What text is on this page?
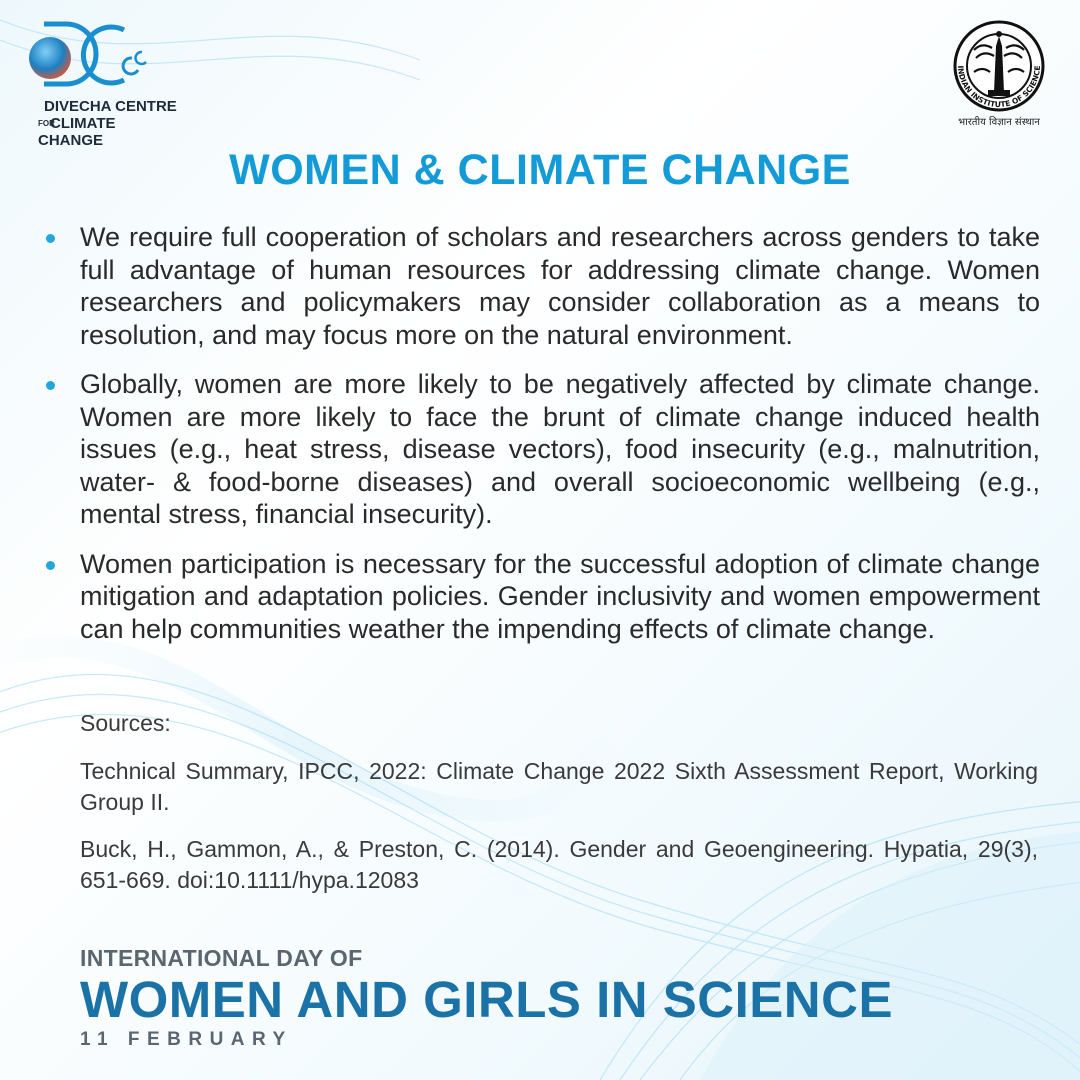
DIVECHA CENTRE
FORCLIMATE CHANGE
INDIAN INSTITUTE OF SCIENCE
भारतीय विज्ञान संस्थान
WOMEN & CLIMATE CHANGE
We require full cooperation of scholars and researchers across genders to take full advantage of human resources for addressing climate change. Women researchers and policymakers may consider collaboration as a means to resolution, and may focus more on the natural environment.
Globally, women are more likely to be negatively affected by climate change. Women are more likely to face the brunt of climate change induced health issues (e.g., heat stress, disease vectors), food insecurity (e.g., malnutrition, water- & food-borne diseases) and overall socioeconomic wellbeing (e.g., mental stress, financial insecurity).
Women participation is necessary for the successful adoption of climate change mitigation and adaptation policies. Gender inclusivity and women empowerment can help communities weather the impending effects of climate change.
Sources:
Technical Summary, IPCC, 2022: Climate Change 2022 Sixth Assessment Report, Working Group II.
Buck, H., Gammon, A., & Preston, C. (2014). Gender and Geoengineering. Hypatia, 29(3), 651-669. doi:10.1111/hypa.12083
INTERNATIONAL DAY OF
WOMEN AND GIRLS IN SCIENCE
11 FEBRUARY
